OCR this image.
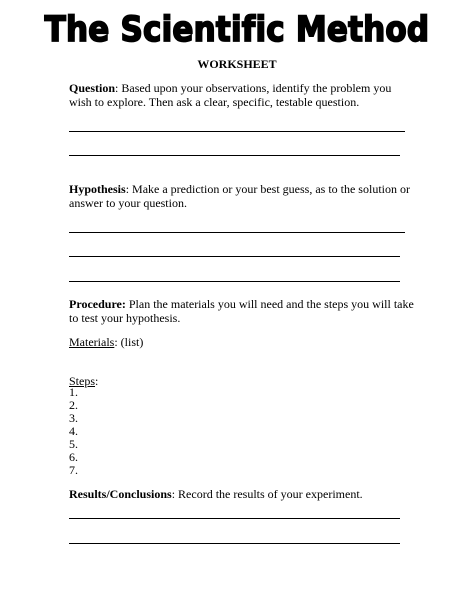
The Scientific Method
WORKSHEET
Question: Based upon your observations, identify the problem you wish to explore. Then ask a clear, specific, testable question.
Hypothesis: Make a prediction or your best guess, as to the solution or answer to your question.
Procedure: Plan the materials you will need and the steps you will take to test your hypothesis.
Materials: (list)
Steps:
1.
2.
3.
4.
5.
6.
7.
Results/Conclusions: Record the results of your experiment.
